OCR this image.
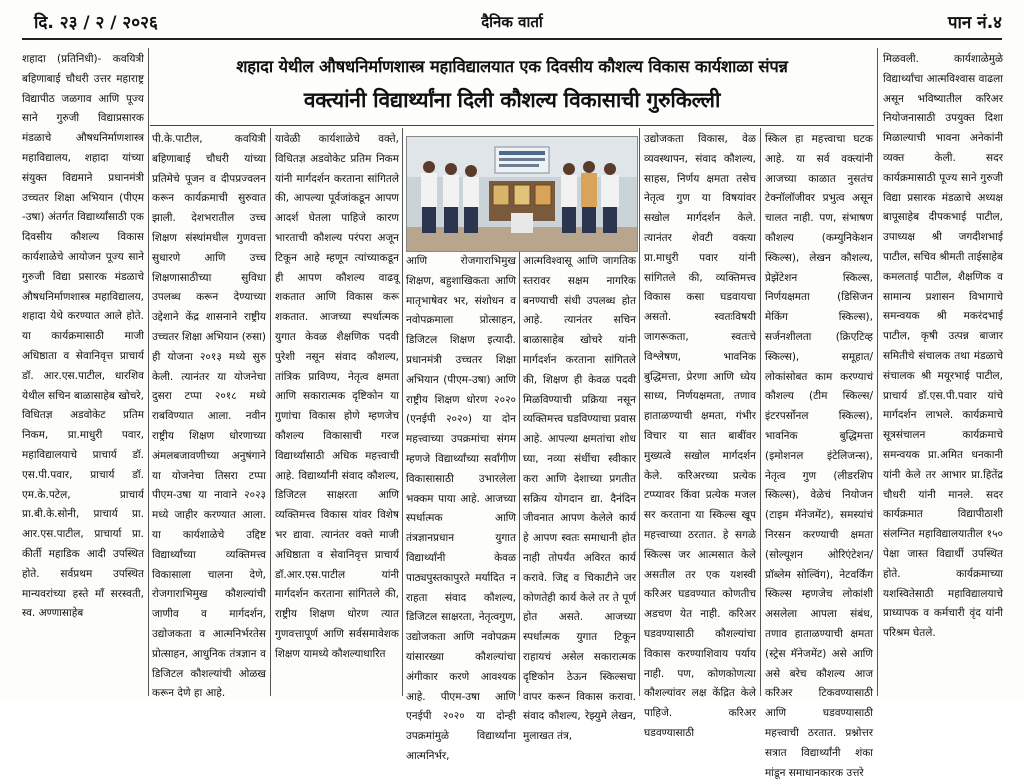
दि. २३ / २ / २०२६	दैनिक वार्ता	पान नं.४

शहादा (प्रतिनिधी)- कवयित्री बहिणाबाई चौधरी उत्तर महाराष्ट्र विद्यापीठ जळगाव आणि पूज्य साने गुरुजी विद्याप्रसारक मंडळाचे औषधनिर्माणशास्त्र महाविद्यालय, शहादा यांच्या संयुक्त विद्यमाने प्रधानमंत्री उच्चतर शिक्षा अभियान (पीएम -उषा) अंतर्गत विद्यार्थ्यांसाठी एक दिवसीय कौशल्य विकास कार्यशाळेचे आयोजन पूज्य साने गुरुजी विद्या प्रसारक मंडळाचे औषधनिर्माणशास्त्र महाविद्यालय, शहादा येथे करण्यात आले होते. या कार्यक्रमासाठी माजी अधिष्ठाता व सेवानिवृत्त प्राचार्य डॉ. आर.एस.पाटील, धारशिव येथील सचिन बाळासाहेब खोचरे, विधितज्ञ अडवोकेट प्रतिम निकम, प्रा.माधुरी पवार, महाविद्यालयाचे प्राचार्य डॉ. एस.पी.पवार, प्राचार्य डॉ. एम.के.पटेल, प्राचार्य प्रा.बी.के.सोनी, प्राचार्य प्रा. आर.एस.पाटील, प्राचार्या प्रा. कीर्ती महाडिक आदी उपस्थित होते. सर्वप्रथम उपस्थित मान्यवरांच्या हस्ते माँ सरस्वती, स्व. अण्णासाहेब

शहादा येथील औषधनिर्माणशास्त्र महाविद्यालयात एक दिवसीय कौशल्य विकास कार्यशाळा संपन्न
वक्त्यांनी विद्यार्थ्यांना दिली कौशल्य विकासाची गुरुकिल्ली

मिळवली. कार्यशाळेमुळे विद्यार्थ्यांचा आत्मविश्वास वाढला असून भविष्यातील करिअर नियोजनासाठी उपयुक्त दिशा मिळाल्याची भावना अनेकांनी व्यक्त केली. सदर कार्यक्रमासाठी पूज्य साने गुरुजी विद्या प्रसारक मंडळाचे अध्यक्ष बापूसाहेब दीपकभाई पाटील, उपाध्यक्ष श्री जगदीशभाई पाटील, सचिव श्रीमती ताईसाहेब कमलताई पाटील, शैक्षणिक व सामान्य प्रशासन विभागाचे समन्वयक श्री मकरंदभाई पाटील, कृषी उत्पन्न बाजार समितीचे संचालक तथा मंडळाचे संचालक श्री मयूरभाई पाटील, प्राचार्य डॉ.एस.पी.पवार यांचे मार्गदर्शन लाभले. कार्यक्रमाचे सूत्रसंचालन कार्यक्रमाचे समन्वयक प्रा.अमित धनकानी यांनी केले तर आभार प्रा.हितेंद्र चौधरी यांनी मानले. सदर कार्यक्रमात विद्यापीठाशी संलग्नित महाविद्यालयातील १५० पेक्षा जास्त विद्यार्थी उपस्थित होते. कार्यक्रमाच्या यशस्वितेसाठी महाविद्यालयाचे प्राध्यापक व कर्मचारी वृंद यांनी परिश्रम घेतले.

पी.के.पाटील, कवयित्री बहिणाबाई चौधरी यांच्या प्रतिमेचे पूजन व दीपप्रज्वलन करून कार्यक्रमाची सुरुवात झाली. देशभरातील उच्च शिक्षण संस्थांमधील गुणवत्ता सुधारणे आणि उच्च शिक्षणासाठीच्या सुविधा उपलब्ध करून देण्याच्या उद्देशाने केंद्र शासनाने राष्ट्रीय उच्चतर शिक्षा अभियान (रुसा) ही योजना २०१३ मध्ये सुरु केली. त्यानंतर या योजनेचा दुसरा टप्पा २०१८ मध्ये राबविण्यात आला. नवीन राष्ट्रीय शिक्षण धोरणाच्या अंमलबजावणीच्या अनुषंगाने या योजनेचा तिसरा टप्पा पीएम-उषा या नावाने २०२३ मध्ये जाहीर करण्यात आला. या कार्यशाळेचे उद्दिष्ट विद्यार्थ्यांच्या व्यक्तिमत्त्व विकासाला चालना देणे, रोजगाराभिमुख कौशल्यांची जाणीव व मार्गदर्शन, उद्योजकता व आत्मनिर्भरतेस प्रोत्साहन, आधुनिक तंत्रज्ञान व डिजिटल कौशल्यांची ओळख करून देणे हा आहे.

यावेळी कार्यशाळेचे वक्ते, विधितज्ञ अडवोकेट प्रतिम निकम यांनी मार्गदर्शन करताना सांगितले की, आपल्या पूर्वजांकडून आपण आदर्श घेतला पाहिजे कारण भारताची कौशल्य परंपरा अजून टिकून आहे म्हणून त्यांच्याकडून ही आपण कौशल्य वाढवू शकतात आणि विकास करू शकतात. आजच्या स्पर्धात्मक युगात केवळ शैक्षणिक पदवी पुरेशी नसून संवाद कौशल्य, तांत्रिक प्राविण्य, नेतृत्व क्षमता आणि सकारात्मक दृष्टिकोन या गुणांचा विकास होणे म्हणजेच कौशल्य विकासाची गरज विद्यार्थ्यांसाठी अधिक महत्त्वाची आहे. विद्यार्थ्यांनी संवाद कौशल्य, डिजिटल साक्षरता आणि व्यक्तिमत्त्व विकास यांवर विशेष भर द्यावा. त्यानंतर वक्ते माजी अधिष्ठाता व सेवानिवृत्त प्राचार्य डॉ.आर.एस.पाटील यांनी मार्गदर्शन करताना सांगितले की, राष्ट्रीय शिक्षण धोरण त्यात गुणवत्तापूर्ण आणि सर्वसमावेशक शिक्षण यामध्ये कौशल्याधारित

आणि रोजगाराभिमुख शिक्षण, बहुशाखिकता आणि मातृभाषेवर भर, संशोधन व नवोपक्रमाला प्रोत्साहन, डिजिटल शिक्षण इत्यादी. प्रधानमंत्री उच्चतर शिक्षा अभियान (पीएम-उषा) आणि राष्ट्रीय शिक्षण धोरण २०२० (एनईपी २०२०) या दोन महत्त्वाच्या उपक्रमांचा संगम म्हणजे विद्यार्थ्यांच्या सर्वांगीण विकासासाठी उभारलेला भक्कम पाया आहे. आजच्या स्पर्धात्मक आणि तंत्रज्ञानप्रधान युगात विद्यार्थ्यांनी केवळ पाठ्यपुस्तकापुरते मर्यादित न राहता संवाद कौशल्य, डिजिटल साक्षरता, नेतृत्वगुण, उद्योजकता आणि नवोपक्रम यांसारख्या कौशल्यांचा अंगीकार करणे आवश्यक आहे. पीएम-उषा आणि एनईपी २०२० या दोन्ही उपक्रमांमुळे विद्यार्थ्यांना आत्मनिर्भर,

आत्मविश्वासू आणि जागतिक स्तरावर सक्षम नागरिक बनण्याची संधी उपलब्ध होत आहे. त्यानंतर सचिन बाळासाहेब खोचरे यांनी मार्गदर्शन करताना सांगितले की, शिक्षण ही केवळ पदवी मिळविण्याची प्रक्रिया नसून व्यक्तिमत्त्व घडविण्याचा प्रवास आहे. आपल्या क्षमतांचा शोध घ्या, नव्या संधींचा स्वीकार करा आणि देशाच्या प्रगतीत सक्रिय योगदान द्या. दैनंदिन जीवनात आपण केलेले कार्य हे आपण स्वतः समाधानी होत नाही तोपर्यंत अविरत कार्य करावे. जिद्द व चिकाटीने जर कोणतेही कार्य केले तर ते पूर्ण होत असते. आजच्या स्पर्धात्मक युगात टिकून राहायचं असेल सकारात्मक दृष्टिकोन ठेऊन स्किल्सचा वापर करून विकास करावा. संवाद कौशल्य, रेझ्युमे लेखन, मुलाखत तंत्र,

उद्योजकता विकास, वेळ व्यवस्थापन, संवाद कौशल्य, साहस, निर्णय क्षमता तसेच नेतृत्व गुण या विषयांवर सखोल मार्गदर्शन केले. त्यानंतर शेवटी वक्त्या प्रा.माधुरी पवार यांनी सांगितले की, व्यक्तिमत्त्व विकास कसा घडवायचा असतो. स्वतःविषयी जागरूकता, स्वतःचे विश्लेषण, भावनिक बुद्धिमत्ता, प्रेरणा आणि ध्येय साध्य, निर्णयक्षमता, तणाव हाताळण्याची क्षमता, गंभीर विचार या सात बाबींवर मुख्यत्वे सखोल मार्गदर्शन केले. करिअरच्या प्रत्येक टप्प्यावर किंवा प्रत्येक मजल सर करताना या स्किल्स खूप महत्त्वाच्या ठरतात. हे सगळे स्किल्स जर आत्मसात केले असतील तर एक यशस्वी करिअर घडवण्यात कोणतीच अडचण येत नाही. करिअर घडवण्यासाठी कौशल्यांचा विकास करण्याशिवाय पर्याय नाही. पण, कोणकोणत्या कौशल्यांवर लक्ष केंद्रित केले पाहिजे. करिअर घडवण्यासाठी

स्किल हा महत्त्वाचा घटक आहे. या सर्व वक्त्यांनी आजच्या काळात नुसतंच टेक्नॉलॉजीवर प्रभुत्व असून चालत नाही. पण, संभाषण कौशल्य (कम्युनिकेशन स्किल्स), लेखन कौशल्य, प्रेझेंटेशन स्किल्स, निर्णयक्षमता (डिसिजन मेकिंग स्किल्स), सर्जनशीलता (क्रिएटिव्ह स्किल्स), समूहात/लोकांसोबत काम करण्याचं कौशल्य (टीम स्किल्स/इंटरपर्सोनल स्किल्स), भावनिक बुद्धिमत्ता (इमोशनल इंटेलिजन्स), नेतृत्व गुण (लीडरशिप स्किल्स), वेळेचं नियोजन (टाइम मॅनेजमेंट), समस्यांचं निरसन करण्याची क्षमता (सोल्यूशन ओरिएंटेशन/प्रॉब्लेम सोल्विंग), नेटवर्किंग स्किल्स म्हणजेच लोकांशी असलेला आपला संबंध, तणाव हाताळण्याची क्षमता (स्ट्रेस मॅनेजमेंट) असे आणि असे बरेच कौशल्य आज करिअर टिकवण्यासाठी आणि घडवण्यासाठी महत्त्वाची ठरतात. प्रश्नोत्तर सत्रात विद्यार्थ्यांनी शंका मांडून समाधानकारक उत्तरे
